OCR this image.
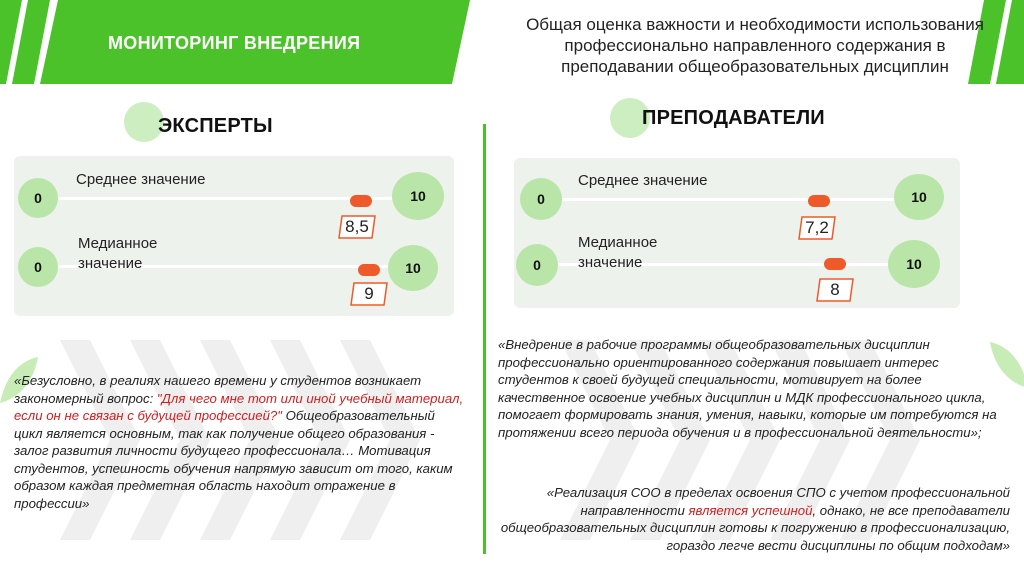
МОНИТОРИНГ ВНЕДРЕНИЯ
Общая оценка важности и необходимости использования
профессионально направленного содержания в
преподавании общеобразовательных дисциплин
ЭКСПЕРТЫ
0	10
Среднее значение
8,5
0	10
Медианное
значение
9
ПРЕПОДАВАТЕЛИ
0	10
Среднее значение
7,2
0	10
Медианное
значение
8
«Безусловно, в реалиях нашего времени у студентов возникает закономерный вопрос: "Для чего мне тот или иной учебный материал, если он не связан с будущей профессией?" Общеобразовательный цикл является основным, так как получение общего образования - залог развития личности будущего профессионала… Мотивация студентов, успешность обучения напрямую зависит от того, каким образом каждая предметная область находит отражение в профессии»
«Внедрение в рабочие программы общеобразовательных дисциплин профессионально ориентированного содержания повышает интерес студентов к своей будущей специальности, мотивирует на более качественное освоение учебных дисциплин и МДК профессионального цикла, помогает формировать знания, умения, навыки, которые им потребуются на протяжении всего периода обучения и в профессиональной деятельности»;
«Реализация СОО в пределах освоения СПО с учетом профессиональной направленности является успешной, однако, не все преподаватели общеобразовательных дисциплин готовы к погружению в профессионализацию, гораздо легче вести дисциплины по общим подходам»
